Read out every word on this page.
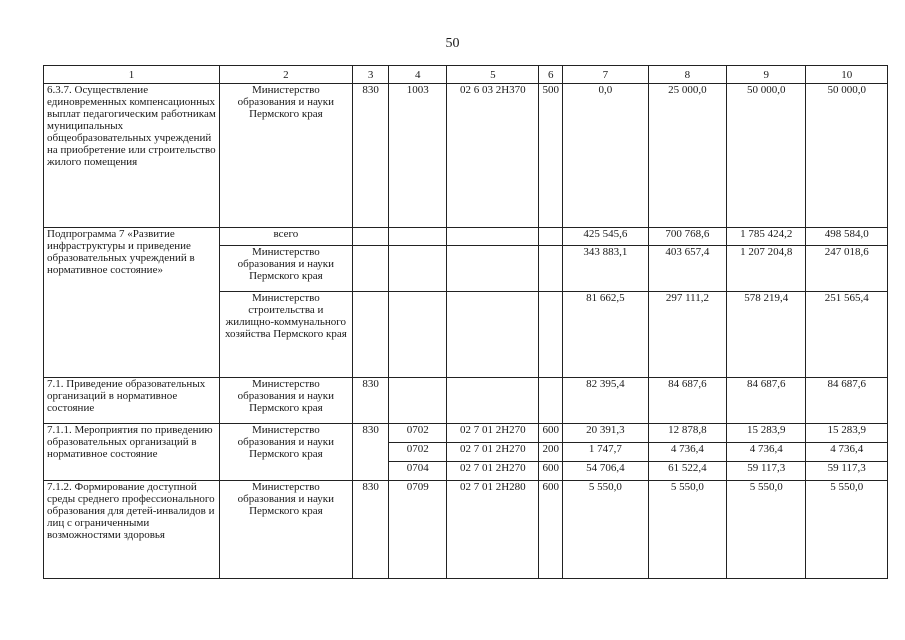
50
1	2	3	4	5	6	7	8	9	10
6.3.7. Осуществление единовременных компенсационных выплат педагогическим работникам муниципальных общеобразовательных учреждений на приобретение или строительство жилого помещения	Министерство образования и науки Пермского края	830	1003	02 6 03 2Н370	500	0,0	25 000,0	50 000,0	50 000,0
Подпрограмма 7 «Развитие инфраструктуры и приведение образовательных учреждений в нормативное состояние»	всего					425 545,6	700 768,6	1 785 424,2	498 584,0
	Министерство образования и науки Пермского края					343 883,1	403 657,4	1 207 204,8	247 018,6
	Министерство строительства и жилищно-коммунального хозяйства Пермского края					81 662,5	297 111,2	578 219,4	251 565,4
7.1. Приведение образовательных организаций в нормативное состояние	Министерство образования и науки Пермского края	830				82 395,4	84 687,6	84 687,6	84 687,6
7.1.1. Мероприятия по приведению образовательных организаций в нормативное состояние	Министерство образования и науки Пермского края	830	0702	02 7 01 2Н270	600	20 391,3	12 878,8	15 283,9	15 283,9
			0702	02 7 01 2Н270	200	1 747,7	4 736,4	4 736,4	4 736,4
			0704	02 7 01 2Н270	600	54 706,4	61 522,4	59 117,3	59 117,3
7.1.2. Формирование доступной среды среднего профессионального образования для детей-инвалидов и лиц с ограниченными возможностями здоровья	Министерство образования и науки Пермского края	830	0709	02 7 01 2Н280	600	5 550,0	5 550,0	5 550,0	5 550,0
